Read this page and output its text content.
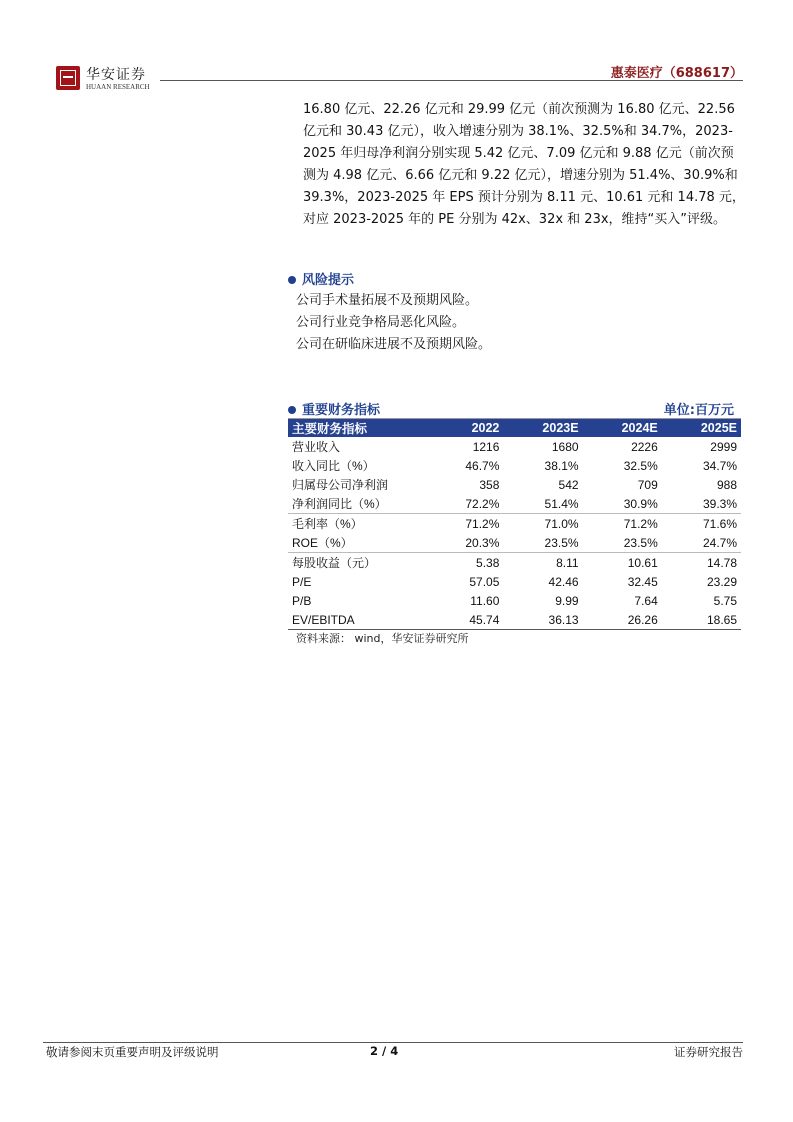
华安证券
HUAAN RESEARCH
惠泰医疗（688617）

16.80 亿元、22.26 亿元和 29.99 亿元（前次预测为 16.80 亿元、22.56 亿元和 30.43 亿元），收入增速分别为 38.1%、32.5%和 34.7%，2023-2025 年归母净利润分别实现 5.42 亿元、7.09 亿元和 9.88 亿元（前次预测为 4.98 亿元、6.66 亿元和 9.22 亿元），增速分别为 51.4%、30.9%和 39.3%，2023-2025 年 EPS 预计分别为 8.11 元、10.61 元和 14.78 元，对应 2023-2025 年的 PE 分别为 42x、32x 和 23x，维持“买入”评级。

风险提示
公司手术量拓展不及预期风险。
公司行业竞争格局恶化风险。
公司在研临床进展不及预期风险。
重要财务指标	单位:百万元
主要财务指标	2022	2023E	2024E	2025E
营业收入	1216	1680	2226	2999
收入同比（%）	46.7%	38.1%	32.5%	34.7%
归属母公司净利润	358	542	709	988
净利润同比（%）	72.2%	51.4%	30.9%	39.3%
毛利率（%）	71.2%	71.0%	71.2%	71.6%
ROE（%）	20.3%	23.5%	23.5%	24.7%
每股收益（元）	5.38	8.11	10.61	14.78
P/E	57.05	42.46	32.45	23.29
P/B	11.60	9.99	7.64	5.75
EV/EBITDA	45.74	36.13	26.26	18.65
资料来源： wind，华安证券研究所
敬请参阅末页重要声明及评级说明	2 / 4	证券研究报告
